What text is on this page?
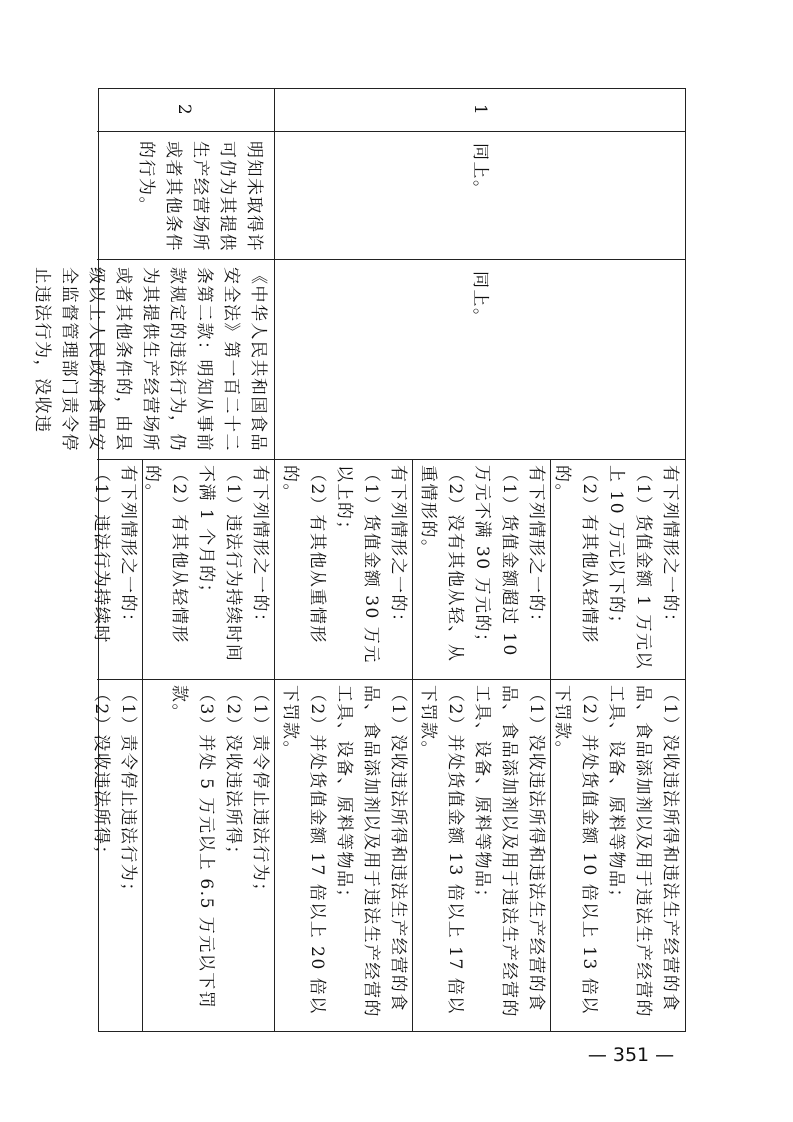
1
同上。
同上。

有下列情形之一的：

（1）货值金额 1 万元以上 10 万元以下的；

（2）有其他从轻情形的。

（1）没收违法所得和违法生产经营的食品、食品添加剂以及用于违法生产经营的工具、设备、原料等物品；

（2）并处货值金额 10 倍以上 13 倍以下罚款。

有下列情形之一的：

（1）货值金额超过 10 万元不满 30 万元的；

（2）没有其他从轻、从重情形的。

（1）没收违法所得和违法生产经营的食品、食品添加剂以及用于违法生产经营的工具、设备、原料等物品；

（2）并处货值金额 13 倍以上 17 倍以下罚款。

有下列情形之一的：

（1）货值金额 30 万元以上的；

（2）有其他从重情形的。

（1）没收违法所得和违法生产经营的食品、食品添加剂以及用于违法生产经营的工具、设备、原料等物品；

（2）并处货值金额 17 倍以上 20 倍以下罚款。

2
明知未取得许可仍为其提供生产经营场所或者其他条件的行为。
《中华人民共和国食品安全法》第一百二十二条第二款：明知从事前款规定的违法行为，仍为其提供生产经营场所或者其他条件的，由县级以上人民政府食品安全监督管理部门责令停止违法行为，没收违

有下列情形之一的：

（1）违法行为持续时间不满 1 个月的；

（2）有其他从轻情形的。

（1）责令停止违法行为；

（2）没收违法所得；

（3）并处 5 万元以上 6.5 万元以下罚款。

有下列情形之一的：

（1）违法行为持续时

（1）责令停止违法行为；

（2）没收违法所得；

— 351 —
